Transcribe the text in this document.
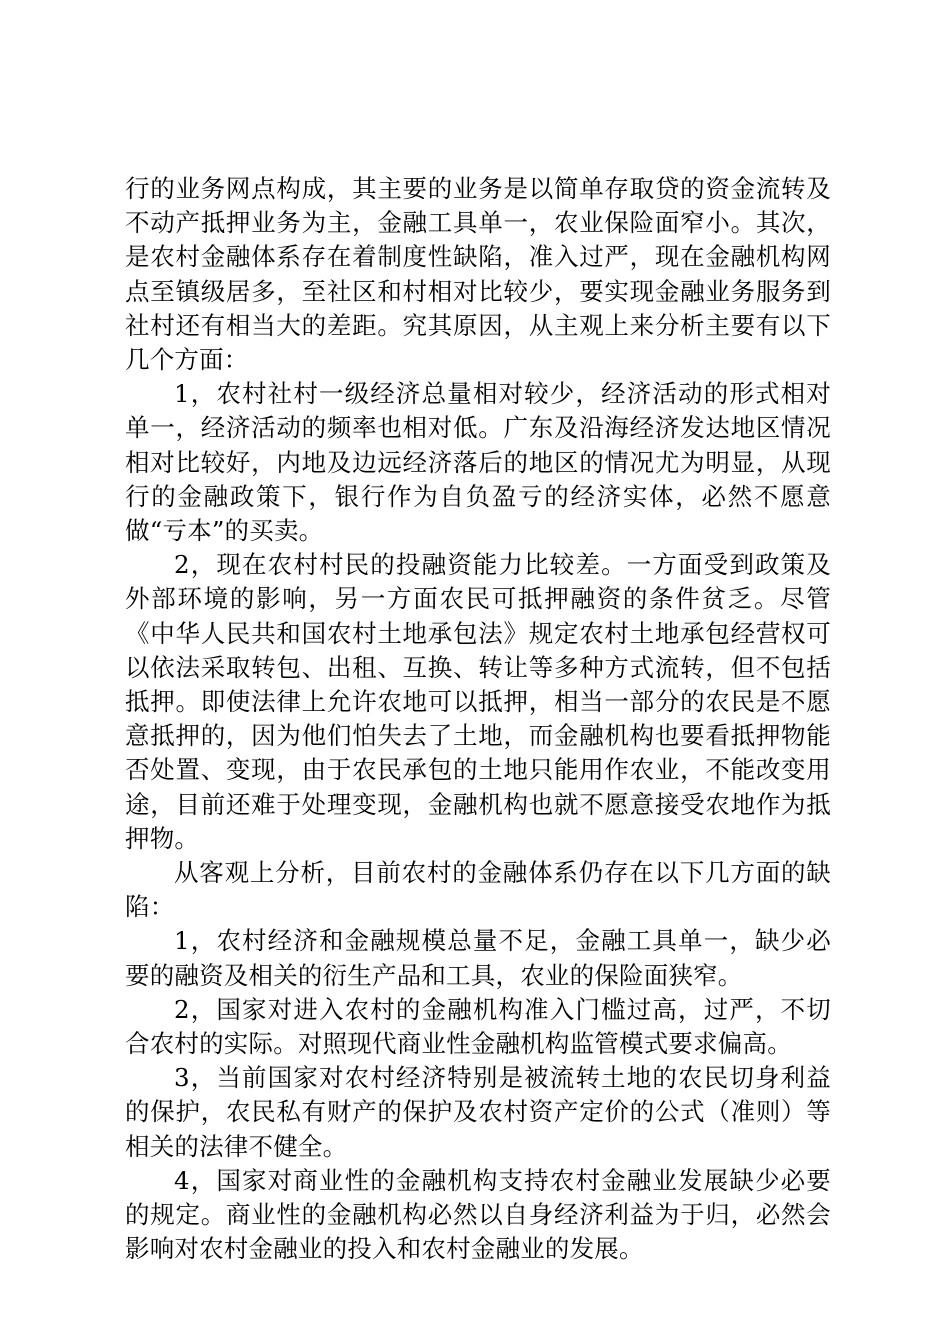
行的业务网点构成，其主要的业务是以简单存取贷的资金流转及不动产抵押业务为主，金融工具单一，农业保险面窄小。其次，是农村金融体系存在着制度性缺陷，准入过严，现在金融机构网点至镇级居多，至社区和村相对比较少，要实现金融业务服务到社村还有相当大的差距。究其原因，从主观上来分析主要有以下几个方面：

1，农村社村一级经济总量相对较少，经济活动的形式相对单一，经济活动的频率也相对低。广东及沿海经济发达地区情况相对比较好，内地及边远经济落后的地区的情况尤为明显，从现行的金融政策下，银行作为自负盈亏的经济实体，必然不愿意做“亏本”的买卖。

2，现在农村村民的投融资能力比较差。一方面受到政策及外部环境的影响，另一方面农民可抵押融资的条件贫乏。尽管《中华人民共和国农村土地承包法》规定农村土地承包经营权可以依法采取转包、出租、互换、转让等多种方式流转，但不包括抵押。即使法律上允许农地可以抵押，相当一部分的农民是不愿意抵押的，因为他们怕失去了土地，而金融机构也要看抵押物能否处置、变现，由于农民承包的土地只能用作农业，不能改变用途，目前还难于处理变现，金融机构也就不愿意接受农地作为抵押物。

从客观上分析，目前农村的金融体系仍存在以下几方面的缺陷：

1，农村经济和金融规模总量不足，金融工具单一，缺少必要的融资及相关的衍生产品和工具，农业的保险面狭窄。

2，国家对进入农村的金融机构准入门槛过高，过严，不切合农村的实际。对照现代商业性金融机构监管模式要求偏高。

3，当前国家对农村经济特别是被流转土地的农民切身利益的保护，农民私有财产的保护及农村资产定价的公式（准则）等相关的法律不健全。

4，国家对商业性的金融机构支持农村金融业发展缺少必要的规定。商业性的金融机构必然以自身经济利益为于归，必然会影响对农村金融业的投入和农村金融业的发展。
